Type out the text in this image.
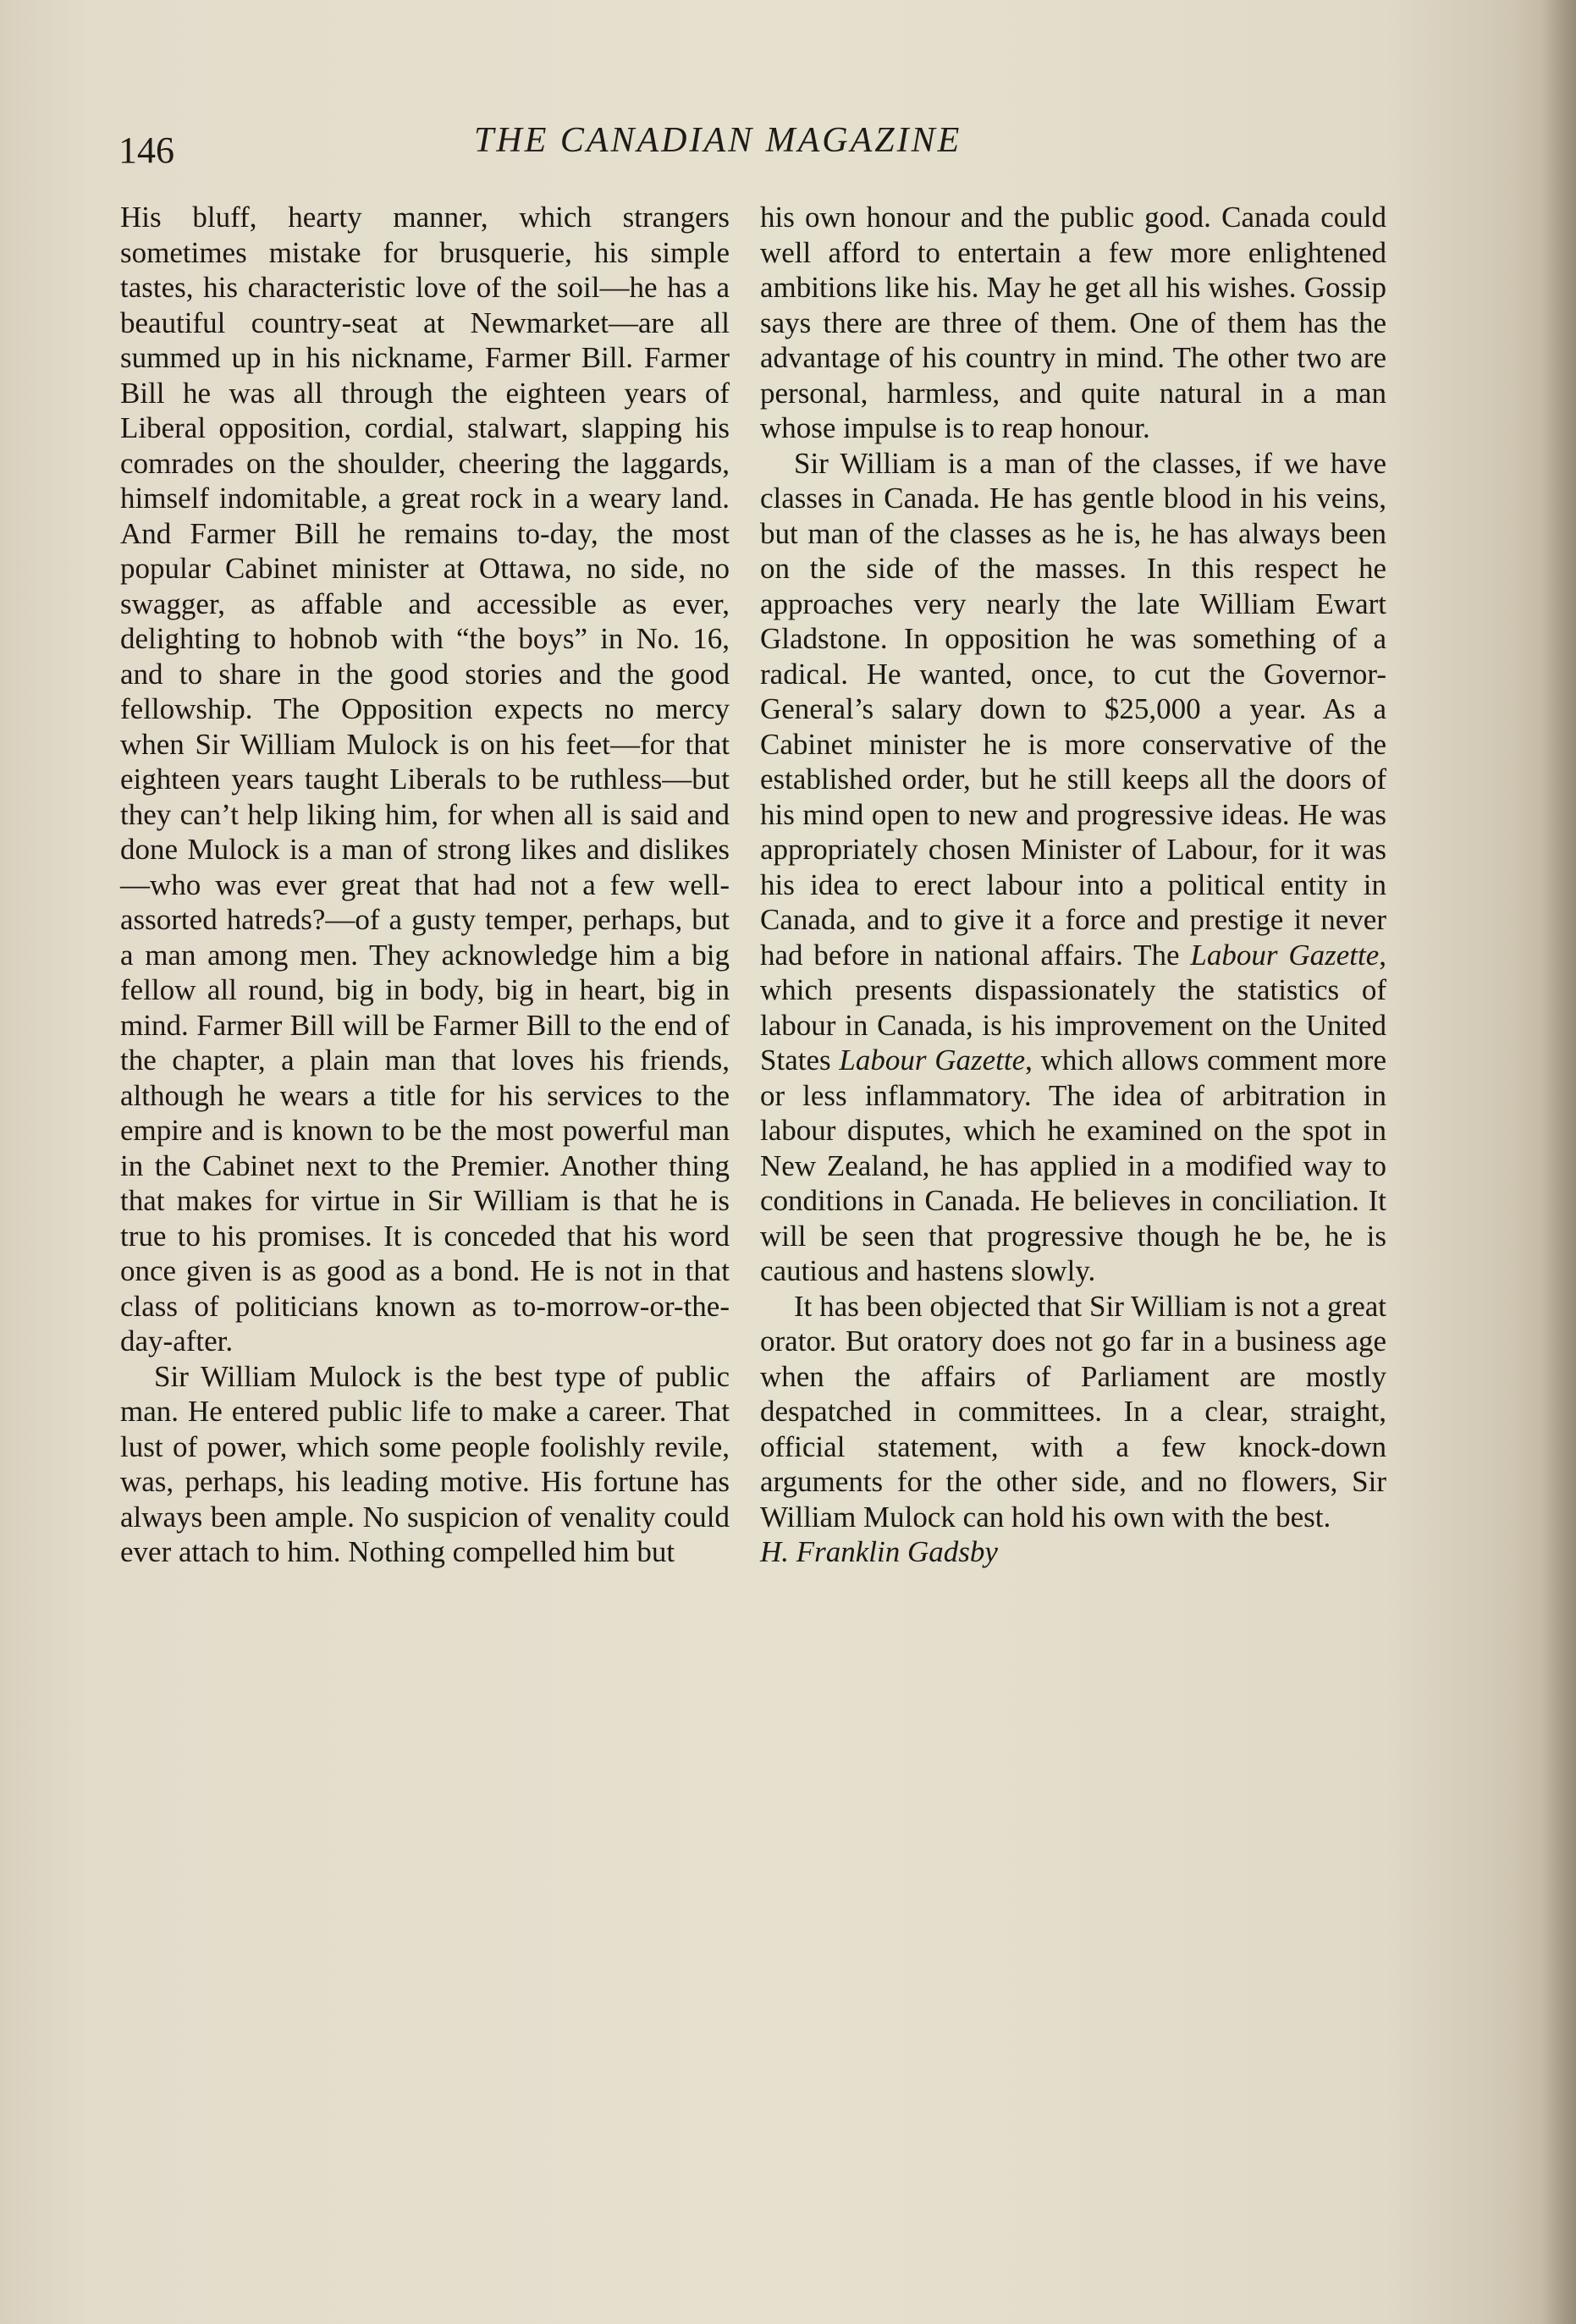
146	THE CANADIAN MAGAZINE

His bluff, hearty manner, which strangers sometimes mistake for brusquerie, his simple tastes, his characteristic love of the soil—he has a beautiful country-seat at Newmarket—are all summed up in his nickname, Farmer Bill. Farmer Bill he was all through the eighteen years of Liberal opposition, cordial, stalwart, slapping his comrades on the shoulder, cheering the laggards, himself indomitable, a great rock in a weary land. And Farmer Bill he remains to-day, the most popular Cabinet minister at Ottawa, no side, no swagger, as affable and accessible as ever, delighting to hobnob with “the boys” in No. 16, and to share in the good stories and the good fellowship. The Opposition expects no mercy when Sir William Mulock is on his feet—for that eighteen years taught Liberals to be ruthless—but they can’t help liking him, for when all is said and done Mulock is a man of strong likes and dislikes—who was ever great that had not a few well-assorted hatreds?—of a gusty temper, perhaps, but a man among men. They acknowledge him a big fellow all round, big in body, big in heart, big in mind. Farmer Bill will be Farmer Bill to the end of the chapter, a plain man that loves his friends, although he wears a title for his services to the empire and is known to be the most powerful man in the Cabinet next to the Premier. Another thing that makes for virtue in Sir William is that he is true to his promises. It is conceded that his word once given is as good as a bond. He is not in that class of politicians known as to-morrow-or-the-day-after.

Sir William Mulock is the best type of public man. He entered public life to make a career. That lust of power, which some people foolishly revile, was, perhaps, his leading motive. His fortune has always been ample. No suspicion of venality could ever attach to him. Nothing compelled him but

his own honour and the public good. Canada could well afford to entertain a few more enlightened ambitions like his. May he get all his wishes. Gossip says there are three of them. One of them has the advantage of his country in mind. The other two are personal, harmless, and quite natural in a man whose impulse is to reap honour.

Sir William is a man of the classes, if we have classes in Canada. He has gentle blood in his veins, but man of the classes as he is, he has always been on the side of the masses. In this respect he approaches very nearly the late William Ewart Gladstone. In opposition he was something of a radical. He wanted, once, to cut the Governor-General’s salary down to $25,000 a year. As a Cabinet minister he is more conservative of the established order, but he still keeps all the doors of his mind open to new and progressive ideas. He was appropriately chosen Minister of Labour, for it was his idea to erect labour into a political entity in Canada, and to give it a force and prestige it never had before in national affairs. The Labour Gazette, which presents dispassionately the statistics of labour in Canada, is his improvement on the United States Labour Gazette, which allows comment more or less inflammatory. The idea of arbitration in labour disputes, which he examined on the spot in New Zealand, he has applied in a modified way to conditions in Canada. He believes in conciliation. It will be seen that progressive though he be, he is cautious and hastens slowly.

It has been objected that Sir William is not a great orator. But oratory does not go far in a business age when the affairs of Parliament are mostly despatched in committees. In a clear, straight, official statement, with a few knock-down arguments for the other side, and no flowers, Sir William Mulock can hold his own with the best.

H. Franklin Gadsby
